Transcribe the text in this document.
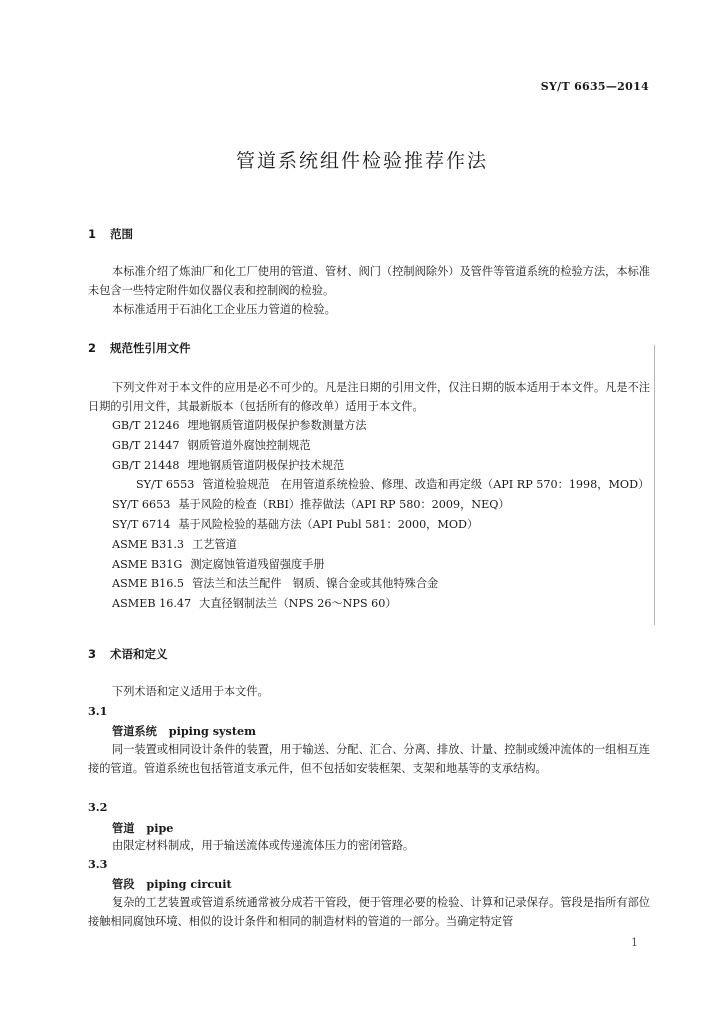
SY/T 6635—2014
管道系统组件检验推荐作法
1 范围
本标准介绍了炼油厂和化工厂使用的管道、管材、阀门（控制阀除外）及管件等管道系统的检验方法，本标准未包含一些特定附件如仪器仪表和控制阀的检验。
本标准适用于石油化工企业压力管道的检验。
2 规范性引用文件
下列文件对于本文件的应用是必不可少的。凡是注日期的引用文件，仅注日期的版本适用于本文件。凡是不注日期的引用文件，其最新版本（包括所有的修改单）适用于本文件。
GB/T 21246 埋地钢质管道阴极保护参数测量方法
GB/T 21447 钢质管道外腐蚀控制规范
GB/T 21448 埋地钢质管道阴极保护技术规范
SY/T 6553 管道检验规范　在用管道系统检验、修理、改造和再定级（API RP 570：1998，MOD）
SY/T 6653 基于风险的检查（RBI）推荐做法（API RP 580：2009，NEQ）
SY/T 6714 基于风险检验的基础方法（API Publ 581：2000，MOD）
ASME B31.3 工艺管道
ASME B31G 测定腐蚀管道残留强度手册
ASME B16.5 管法兰和法兰配件　钢质、镍合金或其他特殊合金
ASMEB 16.47 大直径钢制法兰（NPS 26～NPS 60）
3 术语和定义
下列术语和定义适用于本文件。
3.1
管道系统 piping system
同一装置或相同设计条件的装置，用于输送、分配、汇合、分离、排放、计量、控制或缓冲流体的一组相互连接的管道。管道系统也包括管道支承元件，但不包括如安装框架、支架和地基等的支承结构。
3.2
管道 pipe
由限定材料制成，用于输送流体或传递流体压力的密闭管路。
3.3
管段 piping circuit
复杂的工艺装置或管道系统通常被分成若干管段，便于管理必要的检验、计算和记录保存。管段是指所有部位接触相同腐蚀环境、相似的设计条件和相同的制造材料的管道的一部分。当确定特定管
1
